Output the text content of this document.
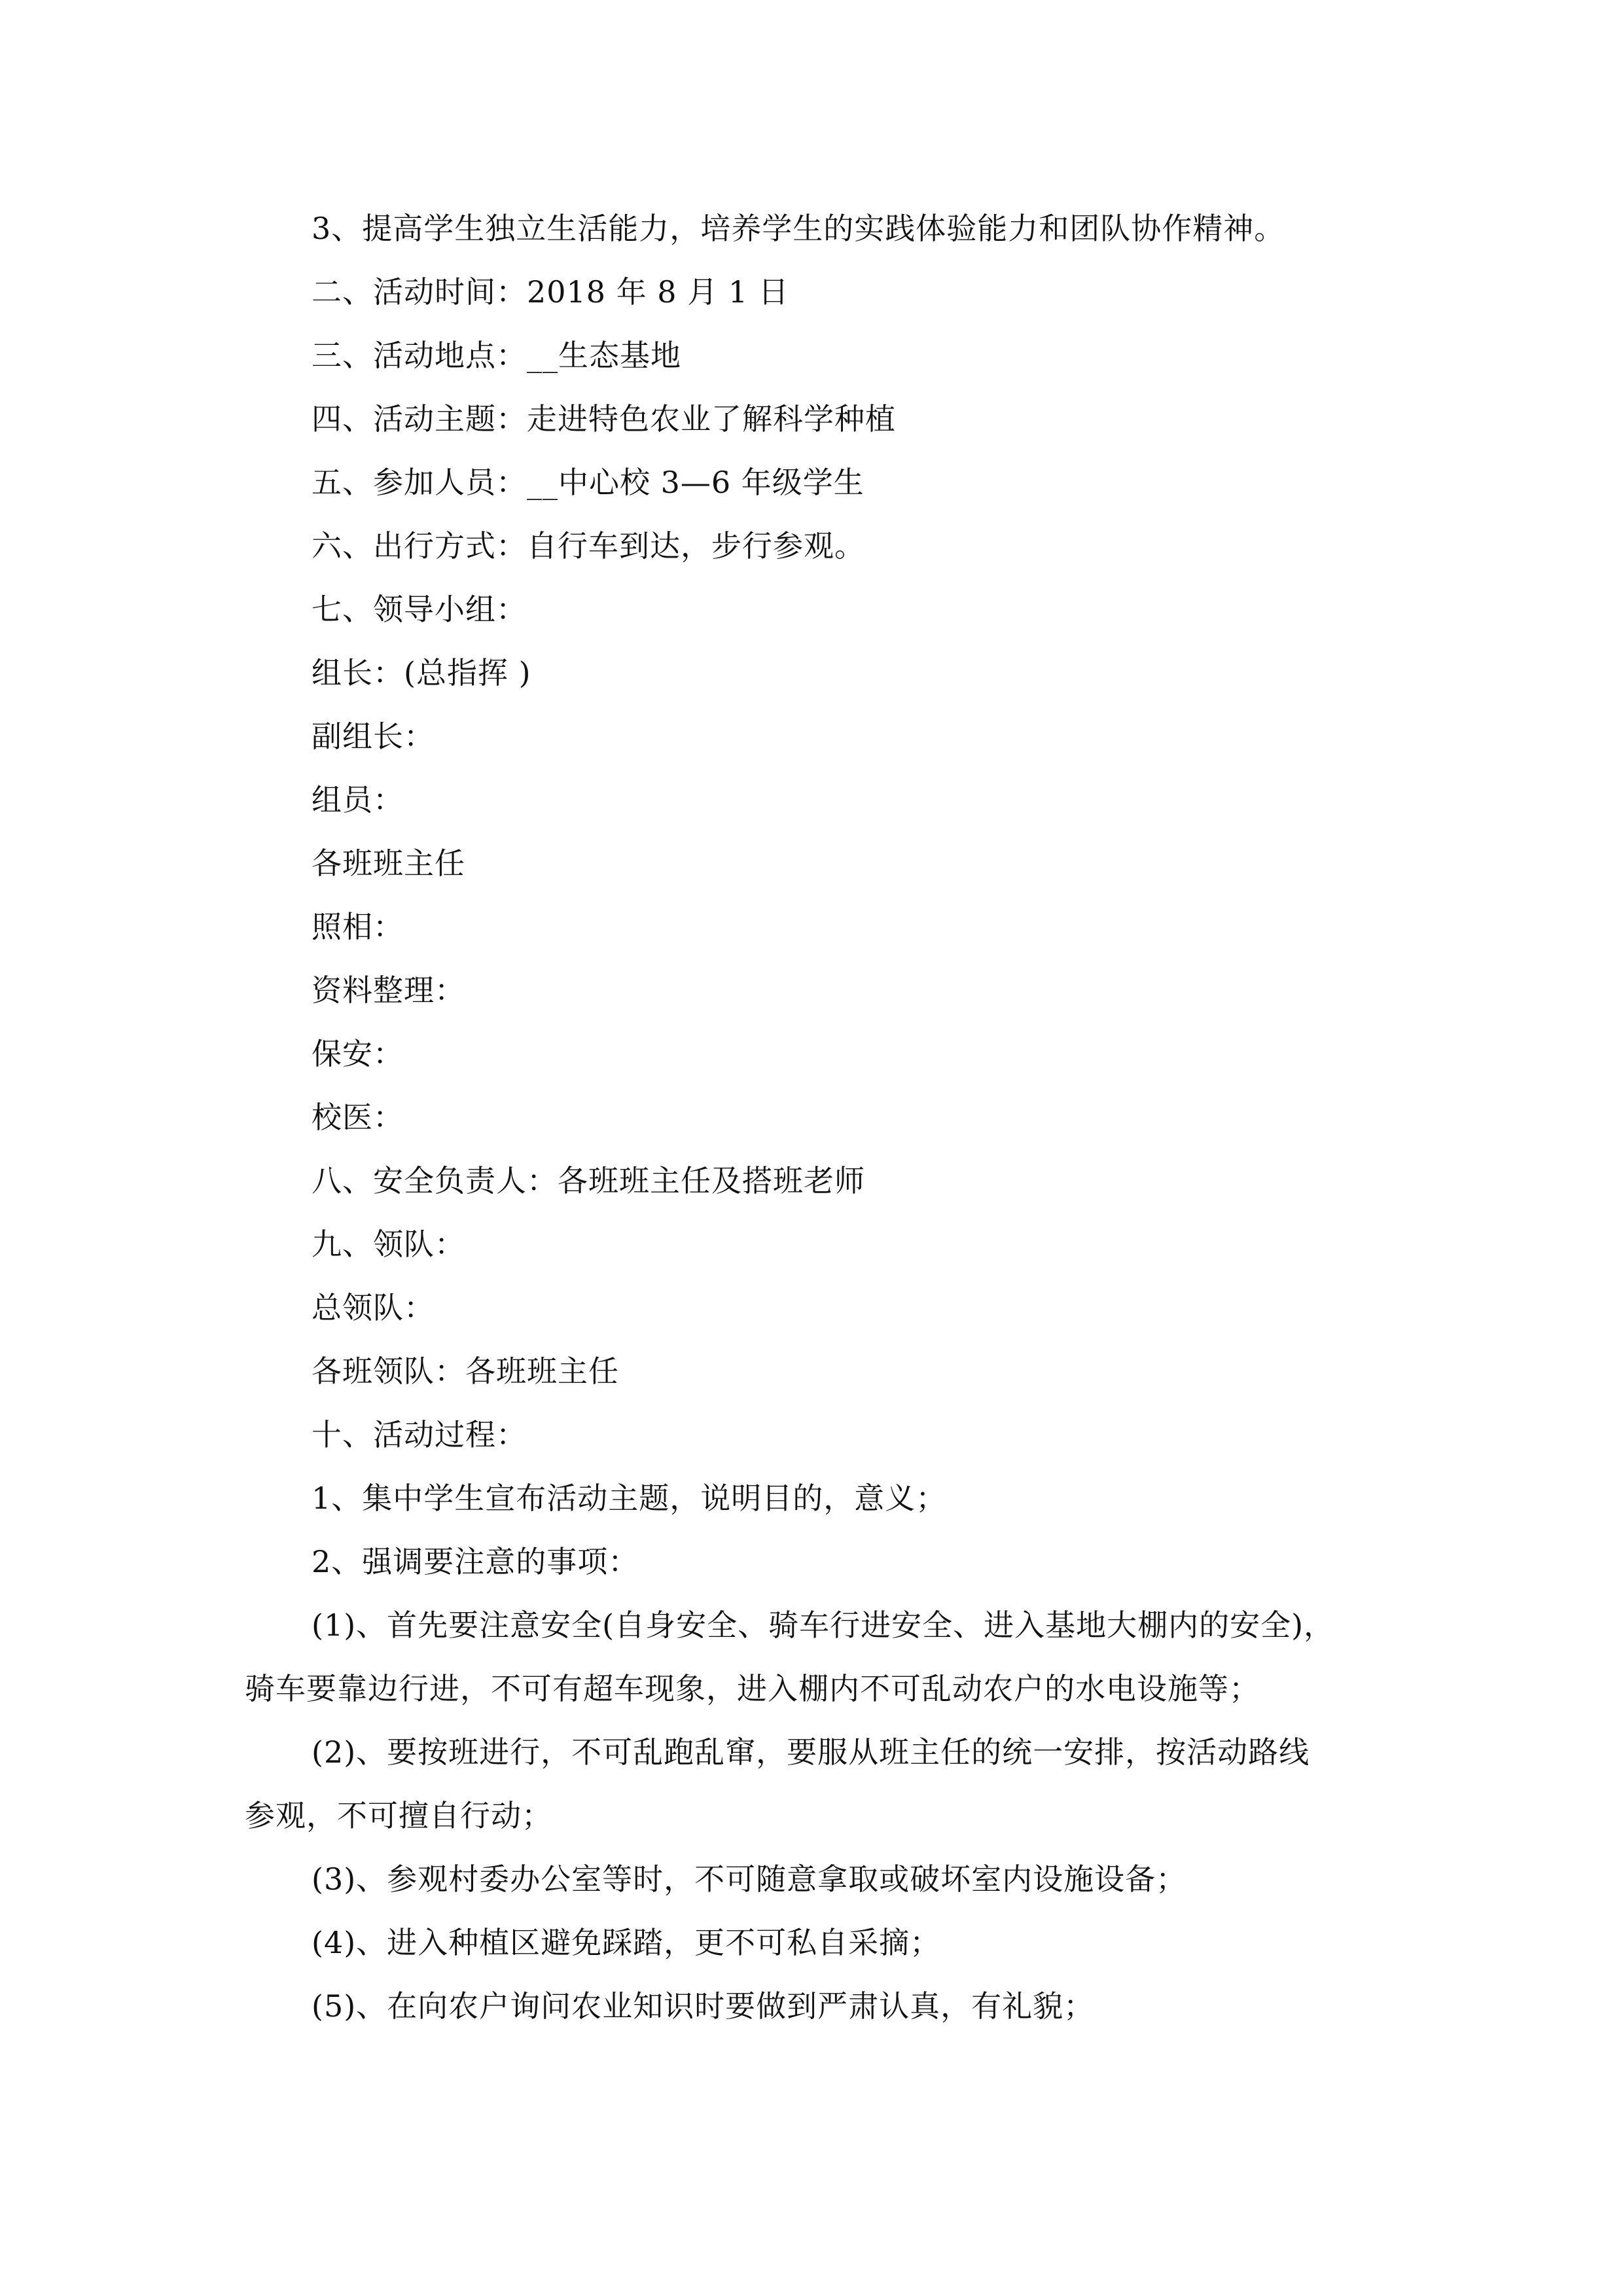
3、提高学生独立生活能力，培养学生的实践体验能力和团队协作精神。
二、活动时间：2018 年 8 月 1 日
三、活动地点：__生态基地
四、活动主题：走进特色农业了解科学种植
五、参加人员：__中心校 3—6 年级学生
六、出行方式：自行车到达，步行参观。
七、领导小组：
组长：(总指挥 )
副组长：
组员：
各班班主任
照相：
资料整理：
保安：
校医：
八、安全负责人：各班班主任及搭班老师
九、领队：
总领队：
各班领队：各班班主任
十、活动过程：
1、集中学生宣布活动主题，说明目的，意义；
2、强调要注意的事项：
(1)、首先要注意安全(自身安全、骑车行进安全、进入基地大棚内的安全)，
骑车要靠边行进，不可有超车现象，进入棚内不可乱动农户的水电设施等；
(2)、要按班进行，不可乱跑乱窜，要服从班主任的统一安排，按活动路线
参观，不可擅自行动；
(3)、参观村委办公室等时，不可随意拿取或破坏室内设施设备；
(4)、进入种植区避免踩踏，更不可私自采摘；
(5)、在向农户询问农业知识时要做到严肃认真，有礼貌；
